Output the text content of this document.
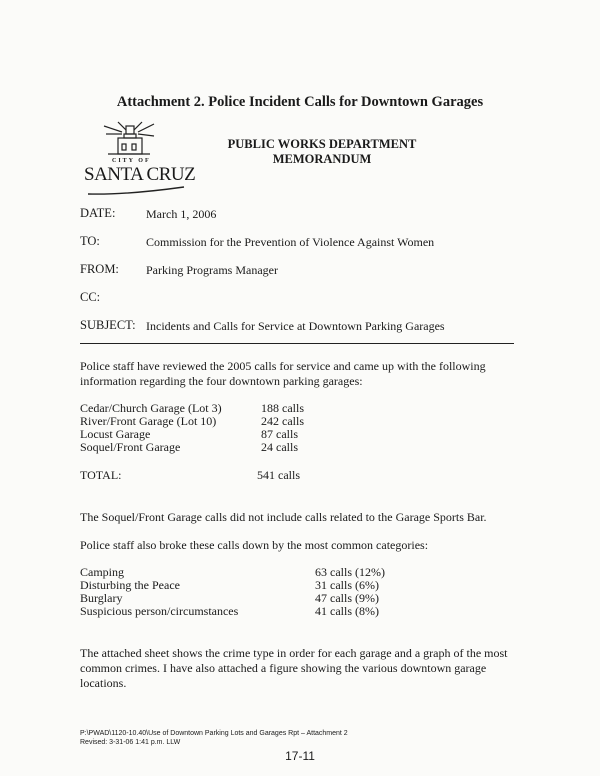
Attachment 2. Police Incident Calls for Downtown Garages
CITY OF
SANTA CRUZ
PUBLIC WORKS DEPARTMENT
MEMORANDUM
DATE:	March 1, 2006
TO:	Commission for the Prevention of Violence Against Women
FROM: Parking Programs Manager
CC:
SUBJECT: Incidents and Calls for Service at Downtown Parking Garages
Police staff have reviewed the 2005 calls for service and came up with the following information regarding the four downtown parking garages:
Cedar/Church Garage (Lot 3)	188 calls
River/Front Garage (Lot 10)	242 calls
Locust Garage	87 calls
Soquel/Front Garage	24 calls
TOTAL:	541 calls
The Soquel/Front Garage calls did not include calls related to the Garage Sports Bar.
Police staff also broke these calls down by the most common categories:
Camping	63 calls (12%)
Disturbing the Peace	31 calls (6%)
Burglary	47 calls (9%)
Suspicious person/circumstances	41 calls (8%)
The attached sheet shows the crime type in order for each garage and a graph of the most common crimes. I have also attached a figure showing the various downtown garage locations.
P:\PWAD\1120-10.40\Use of Downtown Parking Lots and Garages Rpt – Attachment 2
Revised: 3-31-06 1:41 p.m. LLW
17-11
